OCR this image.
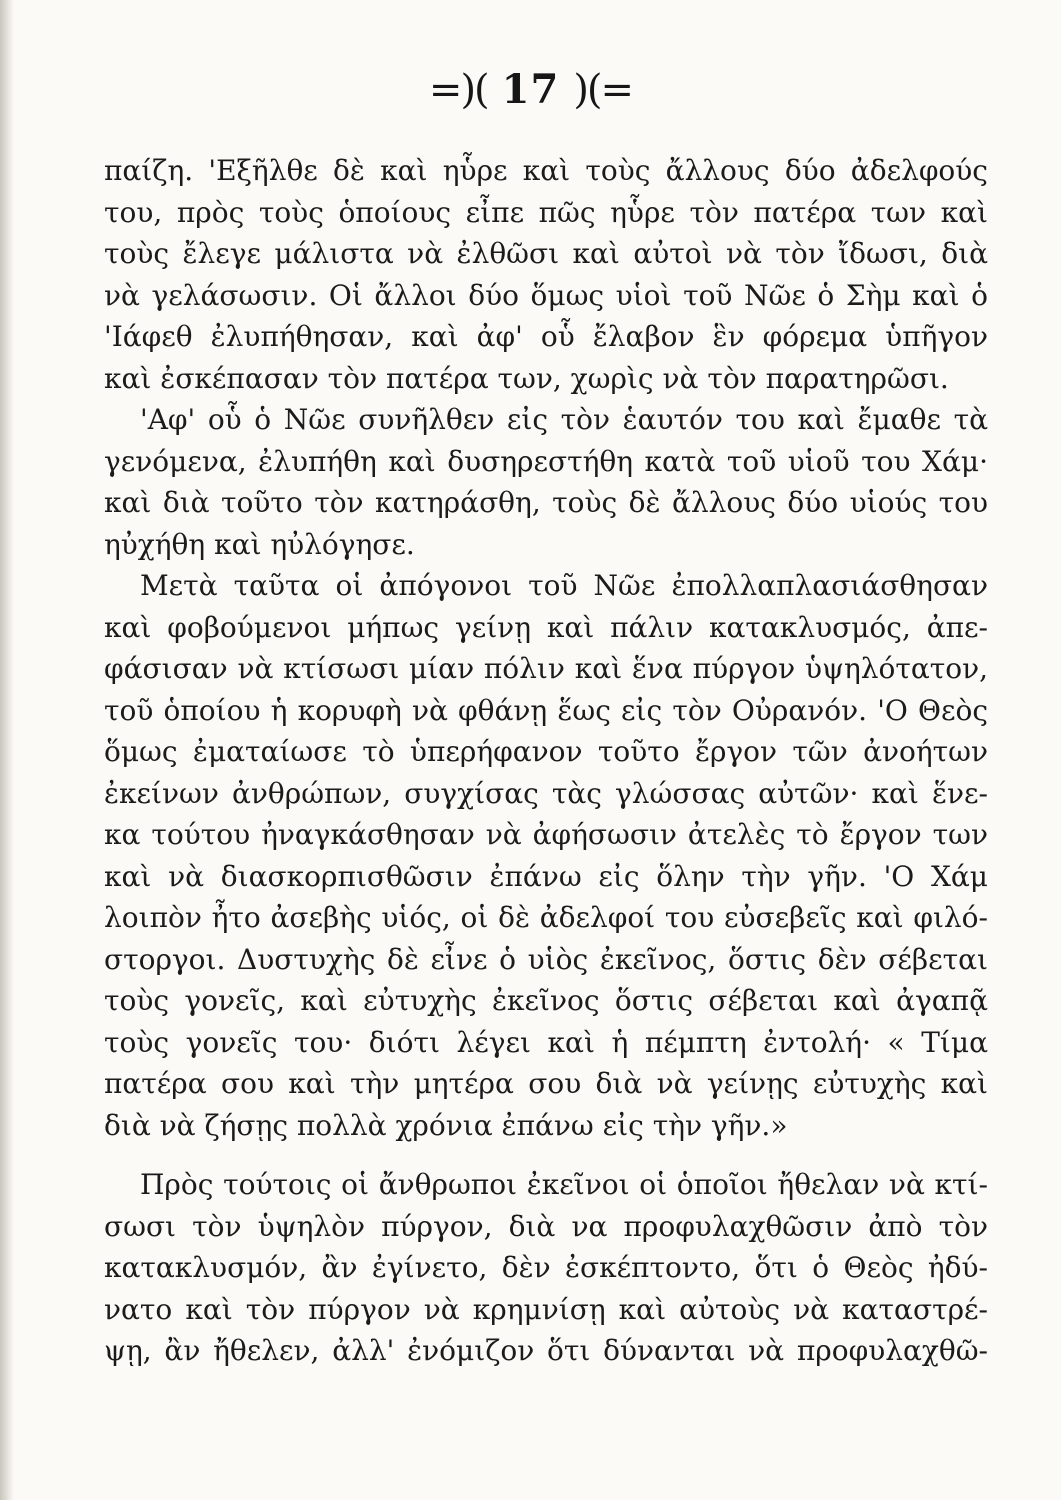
=)( 17 )(=
παίζη. 'Εξῆλθε δὲ καὶ ηὗρε καὶ τοὺς ἄλλους δύο ἀδελφούς
του, πρὸς τοὺς ὁποίους εἶπε πῶς ηὗρε τὸν πατέρα των καὶ
τοὺς ἔλεγε μάλιστα νὰ ἐλθῶσι καὶ αὐτοὶ νὰ τὸν ἴδωσι, διὰ
νὰ γελάσωσιν. Οἱ ἄλλοι δύο ὅμως υἱοὶ τοῦ Νῶε ὁ Σὴμ καὶ ὁ
'Ιάφεθ ἐλυπήθησαν, καὶ ἀφ' οὗ ἔλαβον ἓν φόρεμα ὑπῆγον
καὶ ἐσκέπασαν τὸν πατέρα των, χωρὶς νὰ τὸν παρατηρῶσι.
'Αφ' οὗ ὁ Νῶε συνῆλθεν εἰς τὸν ἑαυτόν του καὶ ἔμαθε τὰ
γενόμενα, ἐλυπήθη καὶ δυσηρεστήθη κατὰ τοῦ υἱοῦ του Χάμ·
καὶ διὰ τοῦτο τὸν κατηράσθη, τοὺς δὲ ἄλλους δύο υἱούς του
ηὐχήθη καὶ ηὐλόγησε.
Μετὰ ταῦτα οἱ ἀπόγονοι τοῦ Νῶε ἐπολλαπλασιάσθησαν
καὶ φοβούμενοι μήπως γείνῃ καὶ πάλιν κατακλυσμός, ἀπε-
φάσισαν νὰ κτίσωσι μίαν πόλιν καὶ ἕνα πύργον ὑψηλότατον,
τοῦ ὁποίου ἡ κορυφὴ νὰ φθάνῃ ἕως εἰς τὸν Οὐρανόν. 'Ο Θεὸς
ὅμως ἐματαίωσε τὸ ὑπερήφανον τοῦτο ἔργον τῶν ἀνοήτων
ἐκείνων ἀνθρώπων, συγχίσας τὰς γλώσσας αὐτῶν· καὶ ἕνε-
κα τούτου ἠναγκάσθησαν νὰ ἀφήσωσιν ἀτελὲς τὸ ἔργον των
καὶ νὰ διασκορπισθῶσιν ἐπάνω εἰς ὅλην τὴν γῆν. 'Ο Χάμ
λοιπὸν ἦτο ἀσεβὴς υἱός, οἱ δὲ ἀδελφοί του εὐσεβεῖς καὶ φιλό-
στοργοι. Δυστυχὴς δὲ εἶνε ὁ υἱὸς ἐκεῖνος, ὅστις δὲν σέβεται
τοὺς γονεῖς, καὶ εὐτυχὴς ἐκεῖνος ὅστις σέβεται καὶ ἀγαπᾷ
τοὺς γονεῖς του· διότι λέγει καὶ ἡ πέμπτη ἐντολή· « Τίμα
πατέρα σου καὶ τὴν μητέρα σου διὰ νὰ γείνῃς εὐτυχὴς καὶ
διὰ νὰ ζήσῃς πολλὰ χρόνια ἐπάνω εἰς τὴν γῆν.»
Πρὸς τούτοις οἱ ἄνθρωποι ἐκεῖνοι οἱ ὁποῖοι ἤθελαν νὰ κτί-
σωσι τὸν ὑψηλὸν πύργον, διὰ να προφυλαχθῶσιν ἀπὸ τὸν
κατακλυσμόν, ἂν ἐγίνετο, δὲν ἐσκέπτοντο, ὅτι ὁ Θεὸς ἠδύ-
νατο καὶ τὸν πύργον νὰ κρημνίσῃ καὶ αὐτοὺς νὰ καταστρέ-
ψῃ, ἂν ἤθελεν, ἀλλ' ἐνόμιζον ὅτι δύνανται νὰ προφυλαχθῶ-
